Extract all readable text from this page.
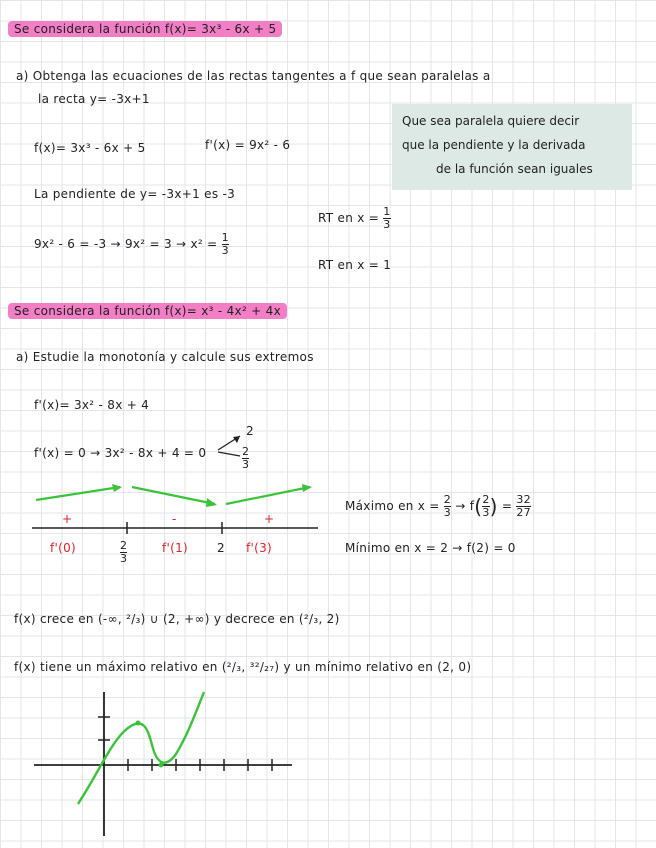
Se considera la función f(x)= 3x³ - 6x + 5
a) Obtenga las ecuaciones de las rectas tangentes a f que sean paralelas a
la recta y= -3x+1
Que sea paralela quiere decir
que la pendiente y la derivada
de la función sean iguales
f(x)= 3x³ - 6x + 5	f'(x) = 9x² - 6
La pendiente de y= -3x+1 es -3
RT en $x = \frac{1}{3}$
$9x^2 - 6 = -3 \to 9x^2 = 3 \to x^2 = \frac{1}{3}$
RT en x = 1
Se considera la función f(x)= x³ - 4x² + 4x
a) Estudie la monotonía y calcule sus extremos
f'(x)= 3x² - 8x + 4
f'(x) = 0 → 3x² - 8x + 4 = 0
2
$\frac{2}{3}$
+	-	+
f'(0)	$\frac{2}{3}$	f'(1) 2 f'(3)
Máximo en $x = \frac{2}{3} \to f( \frac{2}{3}$ ) = $\frac{32}{27}$
Mínimo en x = 2 → f(2) = 0
f(x) crece en (-∞, ²/₃) ∪ (2, +∞) y decrece en (²/₃, 2)
f(x) tiene un máximo relativo en (²/₃, ³²/₂₇) y un mínimo relativo en (2, 0)
